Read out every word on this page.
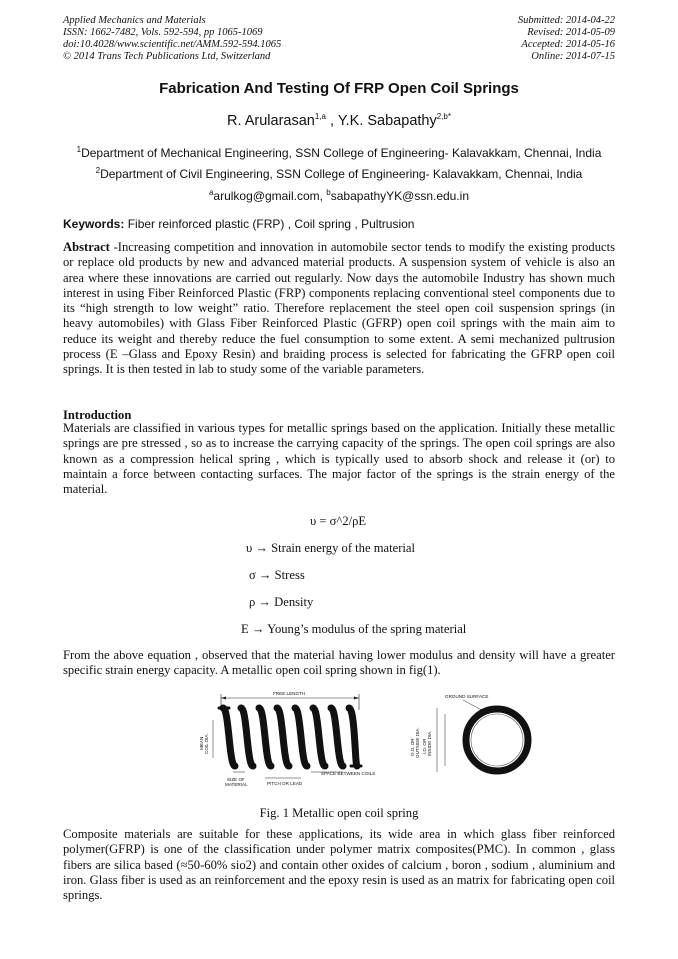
Applied Mechanics and Materials
ISSN: 1662-7482, Vols. 592-594, pp 1065-1069
doi:10.4028/www.scientific.net/AMM.592-594.1065
© 2014 Trans Tech Publications Ltd, Switzerland
Submitted: 2014-04-22
Revised: 2014-05-09
Accepted: 2014-05-16
Online: 2014-07-15
Fabrication And Testing Of FRP Open Coil Springs
R. Arularasan$^{1,a}$ , Y.K. Sabapathy$^{2,b*}$
$^1$Department of Mechanical Engineering, SSN College of Engineering- Kalavakkam, Chennai, India
$^2$Department of Civil Engineering, SSN College of Engineering- Kalavakkam, Chennai, India
$^a$arulkog@gmail.com, $^b$sabapathyYK@ssn.edu.in
Keywords: Fiber reinforced plastic (FRP) , Coil spring , Pultrusion
Abstract -Increasing competition and innovation in automobile sector tends to modify the existing products or replace old products by new and advanced material products. A suspension system of vehicle is also an area where these innovations are carried out regularly. Now days the automobile Industry has shown much interest in using Fiber Reinforced Plastic (FRP) components replacing conventional steel components due to its “high strength to low weight” ratio. Therefore replacement the steel open coil suspension springs (in heavy automobiles) with Glass Fiber Reinforced Plastic (GFRP) open coil springs with the main aim to reduce its weight and thereby reduce the fuel consumption to some extent. A semi mechanized pultrusion process (E –Glass and Epoxy Resin) and braiding process is selected for fabricating the GFRP open coil springs. It is then tested in lab to study some of the variable parameters.
Introduction
Materials are classified in various types for metallic springs based on the application. Initially these metallic springs are pre stressed , so as to increase the carrying capacity of the springs. The open coil springs are also known as a compression helical spring , which is typically used to absorb shock and release it (or) to maintain a force between contacting surfaces. The major factor of the springs is the strain energy of the material.
υ = σ^2/ρE
υ → Strain energy of the material
σ → Stress
ρ → Density
E → Young’s modulus of the spring material
From the above equation , observed that the material having lower modulus and density will have a greater specific strain energy capacity. A metallic open coil spring shown in fig(1).
FREE LENGTH
MEAN COIL DIA.
SIZE OF
MATERIAL	PITCH OR LEAD
SPACE BETWEEN COILS
GROUND SURFACE
O.D. OR OUTSIDE DIA. I.D. OR INSIDE DIA.
Fig. 1 Metallic open coil spring
Composite materials are suitable for these applications, its wide area in which glass fiber reinforced polymer(GFRP) is one of the classification under polymer matrix composites(PMC). In common , glass fibers are silica based (≈50-60% sio2) and contain other oxides of calcium , boron , sodium , aluminium and iron. Glass fiber is used as an reinforcement and the epoxy resin is used as an matrix for fabricating open coil springs.
